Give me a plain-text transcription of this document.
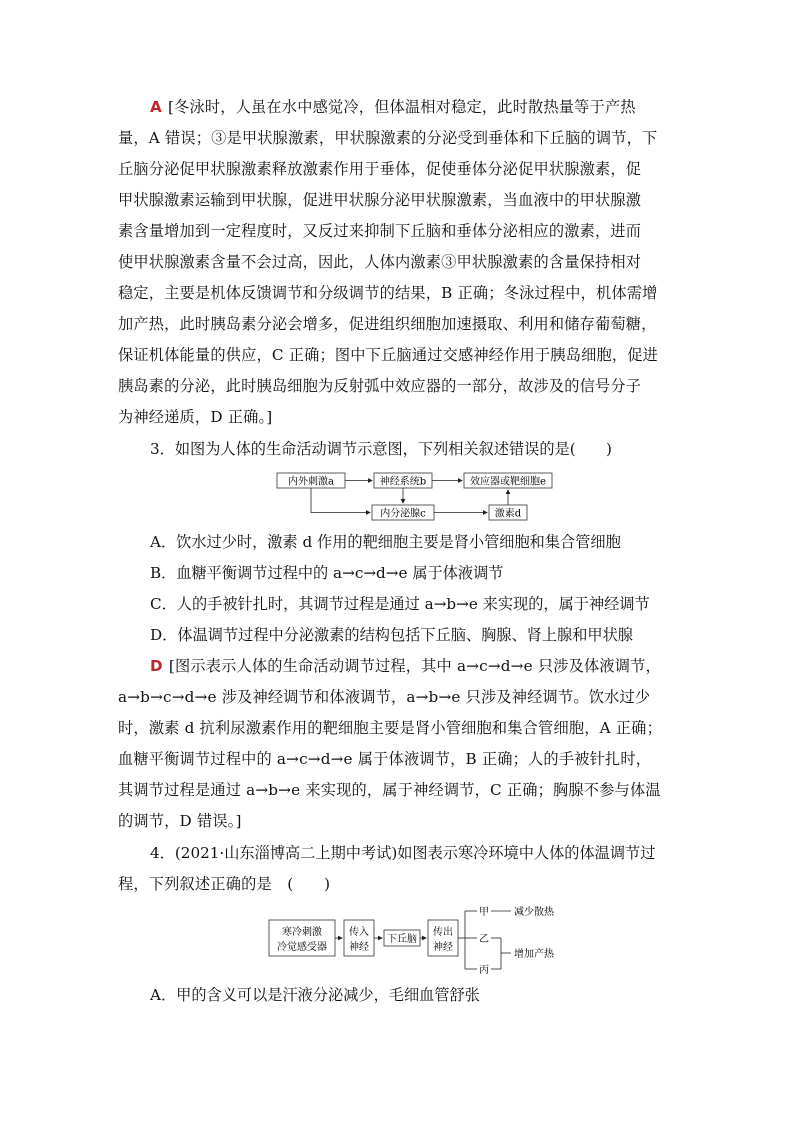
A [冬泳时，人虽在水中感觉冷，但体温相对稳定，此时散热量等于产热
量，A 错误；③是甲状腺激素，甲状腺激素的分泌受到垂体和下丘脑的调节，下
丘脑分泌促甲状腺激素释放激素作用于垂体，促使垂体分泌促甲状腺激素，促
甲状腺激素运输到甲状腺，促进甲状腺分泌甲状腺激素，当血液中的甲状腺激
素含量增加到一定程度时，又反过来抑制下丘脑和垂体分泌相应的激素，进而
使甲状腺激素含量不会过高，因此，人体内激素③甲状腺激素的含量保持相对
稳定，主要是机体反馈调节和分级调节的结果，B 正确；冬泳过程中，机体需增
加产热，此时胰岛素分泌会增多，促进组织细胞加速摄取、利用和储存葡萄糖，
保证机体能量的供应，C 正确；图中下丘脑通过交感神经作用于胰岛细胞，促进
胰岛素的分泌，此时胰岛细胞为反射弧中效应器的一部分，故涉及的信号分子
为神经递质，D 正确。]
3．如图为人体的生命活动调节示意图，下列相关叙述错误的是(　　)
内外刺激a	神经系统b	效应器或靶细胞e
内分泌腺c	激素d
A．饮水过少时，激素 d 作用的靶细胞主要是肾小管细胞和集合管细胞
B．血糖平衡调节过程中的 a→c→d→e 属于体液调节
C．人的手被针扎时，其调节过程是通过 a→b→e 来实现的，属于神经调节
D．体温调节过程中分泌激素的结构包括下丘脑、胸腺、肾上腺和甲状腺
D [图示表示人体的生命活动调节过程，其中 a→c→d→e 只涉及体液调节，
a→b→c→d→e 涉及神经调节和体液调节，a→b→e 只涉及神经调节。饮水过少
时，激素 d 抗利尿激素作用的靶细胞主要是肾小管细胞和集合管细胞，A 正确；
血糖平衡调节过程中的 a→c→d→e 属于体液调节，B 正确；人的手被针扎时，
其调节过程是通过 a→b→e 来实现的，属于神经调节，C 正确；胸腺不参与体温
的调节，D 错误。]
4．(2021·山东淄博高二上期中考试)如图表示寒冷环境中人体的体温调节过
程，下列叙述正确的是　(　　)
寒冷刺激
冷觉感受器
传入
神经
下丘脑
传出
神经
甲
乙
丙
减少散热
增加产热
A．甲的含义可以是汗液分泌减少，毛细血管舒张
